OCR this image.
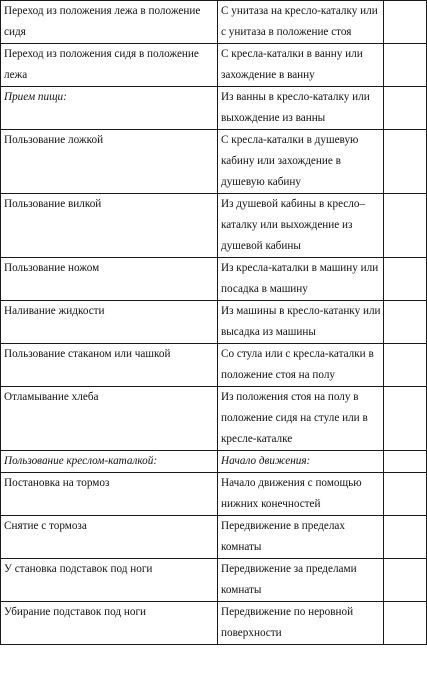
Переход из положения лежа в положение сидя	С унитаза на кресло-каталку или с унитаза в положение стоя	
Переход из положения сидя в положение лежа	С кресла-каталки в ванну или захождение в ванну	
Прием пищи:	Из ванны в кресло-каталку или выхождение из ванны	
Пользование ложкой	С кресла-каталки в душевую кабину или захождение в душевую кабину	
Пользование вилкой	Из душевой кабины в кресло–каталку или выхождение из душевой кабины	
Пользование ножом	Из кресла-каталки в машину или посадка в машину	
Наливание жидкости	Из машины в кресло-катанку или высадка из машины	
Пользование стаканом или чашкой	Со стула или с кресла-каталки в положение стоя на полу	
Отламывание хлеба	Из положения стоя на полу в положение сидя на стуле или в кресле-каталке	
Пользование креслом-каталкой:	Начало движения:	
Постановка на тормоз	Начало движения с помощью нижних конечностей	
Снятие с тормоза	Передвижение в пределах комнаты	
У становка подставок под ноги	Передвижение за пределами комнаты	
Убирание подставок под ноги	Передвижение по неровной поверхности	
